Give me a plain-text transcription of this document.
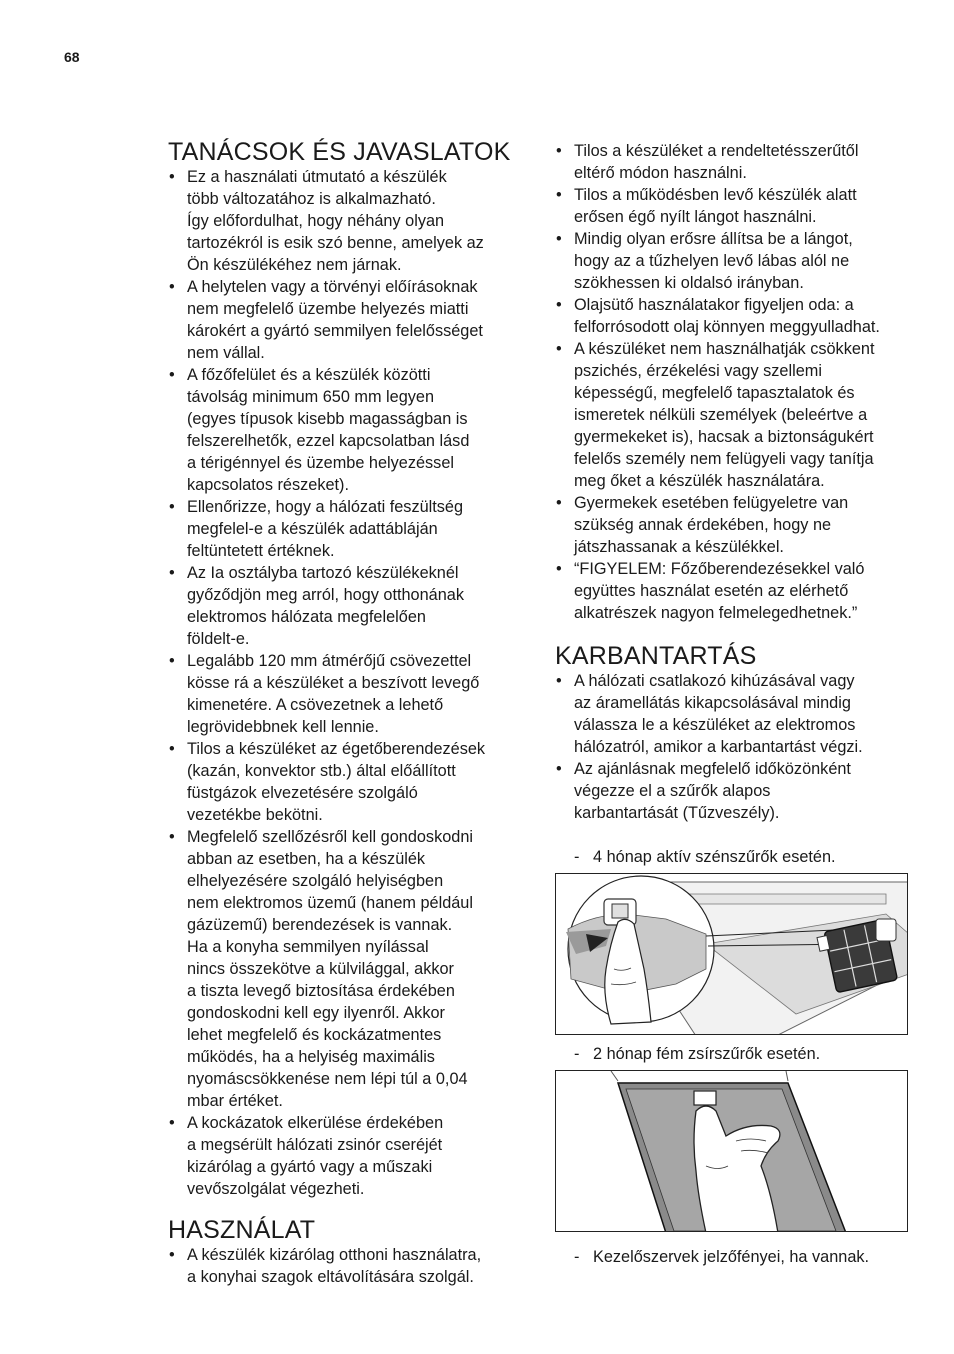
68
TANÁCSOK ÉS JAVASLATOK
• Ez a használati útmutató a készülék
több változatához is alkalmazható.
Így előfordulhat, hogy néhány olyan
tartozékról is esik szó benne, amelyek az
Ön készülékéhez nem járnak.
• A helytelen vagy a törvényi előírásoknak
nem megfelelő üzembe helyezés miatti
károkért a gyártó semmilyen felelősséget
nem vállal.
• A főzőfelület és a készülék közötti
távolság minimum 650 mm legyen
(egyes típusok kisebb magasságban is
felszerelhetők, ezzel kapcsolatban lásd
a térigénnyel és üzembe helyezéssel
kapcsolatos részeket).
• Ellenőrizze, hogy a hálózati feszültség
megfelel-e a készülék adattábláján
feltüntetett értéknek.
• Az Ia osztályba tartozó készülékeknél
győződjön meg arról, hogy otthonának
elektromos hálózata megfelelően
földelt-e.
• Legalább 120 mm átmérőjű csövezettel
kösse rá a készüléket a beszívott levegő
kimenetére. A csövezetnek a lehető
legrövidebbnek kell lennie.
• Tilos a készüléket az égetőberendezések
(kazán, konvektor stb.) által előállított
füstgázok elvezetésére szolgáló
vezetékbe bekötni.
• Megfelelő szellőzésről kell gondoskodni
abban az esetben, ha a készülék
elhelyezésére szolgáló helyiségben
nem elektromos üzemű (hanem például
gázüzemű) berendezések is vannak.
Ha a konyha semmilyen nyílással
nincs összekötve a külvilággal, akkor
a tiszta levegő biztosítása érdekében
gondoskodni kell egy ilyenről. Akkor
lehet megfelelő és kockázatmentes
működés, ha a helyiség maximális
nyomáscsökkenése nem lépi túl a 0,04
mbar értéket.
• A kockázatok elkerülése érdekében
a megsérült hálózati zsinór cseréjét
kizárólag a gyártó vagy a műszaki
vevőszolgálat végezheti.
HASZNÁLAT
• A készülék kizárólag otthoni használatra,
a konyhai szagok eltávolítására szolgál.
• Tilos a készüléket a rendeltetésszerűtől
eltérő módon használni.
• Tilos a működésben levő készülék alatt
erősen égő nyílt lángot használni.
• Mindig olyan erősre állítsa be a lángot,
hogy az a tűzhelyen levő lábas alól ne
szökhessen ki oldalsó irányban.
• Olajsütő használatakor figyeljen oda: a
felforrósodott olaj könnyen meggyulladhat.
• A készüléket nem használhatják csökkent
pszichés, érzékelési vagy szellemi
képességű, megfelelő tapasztalatok és
ismeretek nélküli személyek (beleértve a
gyermekeket is), hacsak a biztonságukért
felelős személy nem felügyeli vagy tanítja
meg őket a készülék használatára.
• Gyermekek esetében felügyeletre van
szükség annak érdekében, hogy ne
játszhassanak a készülékkel.
• “FIGYELEM: Főzőberendezésekkel való
együttes használat esetén az elérhető
alkatrészek nagyon felmelegedhetnek.”
KARBANTARTÁS
• A hálózati csatlakozó kihúzásával vagy
az áramellátás kikapcsolásával mindig
válassza le a készüléket az elektromos
hálózatról, amikor a karbantartást végzi.
• Az ajánlásnak megfelelő időközönként
végezze el a szűrők alapos
karbantartását (Tűzveszély).
- 4 hónap aktív szénszűrők esetén.
- 2 hónap fém zsírszűrők esetén.
- Kezelőszervek jelzőfényei, ha vannak.
